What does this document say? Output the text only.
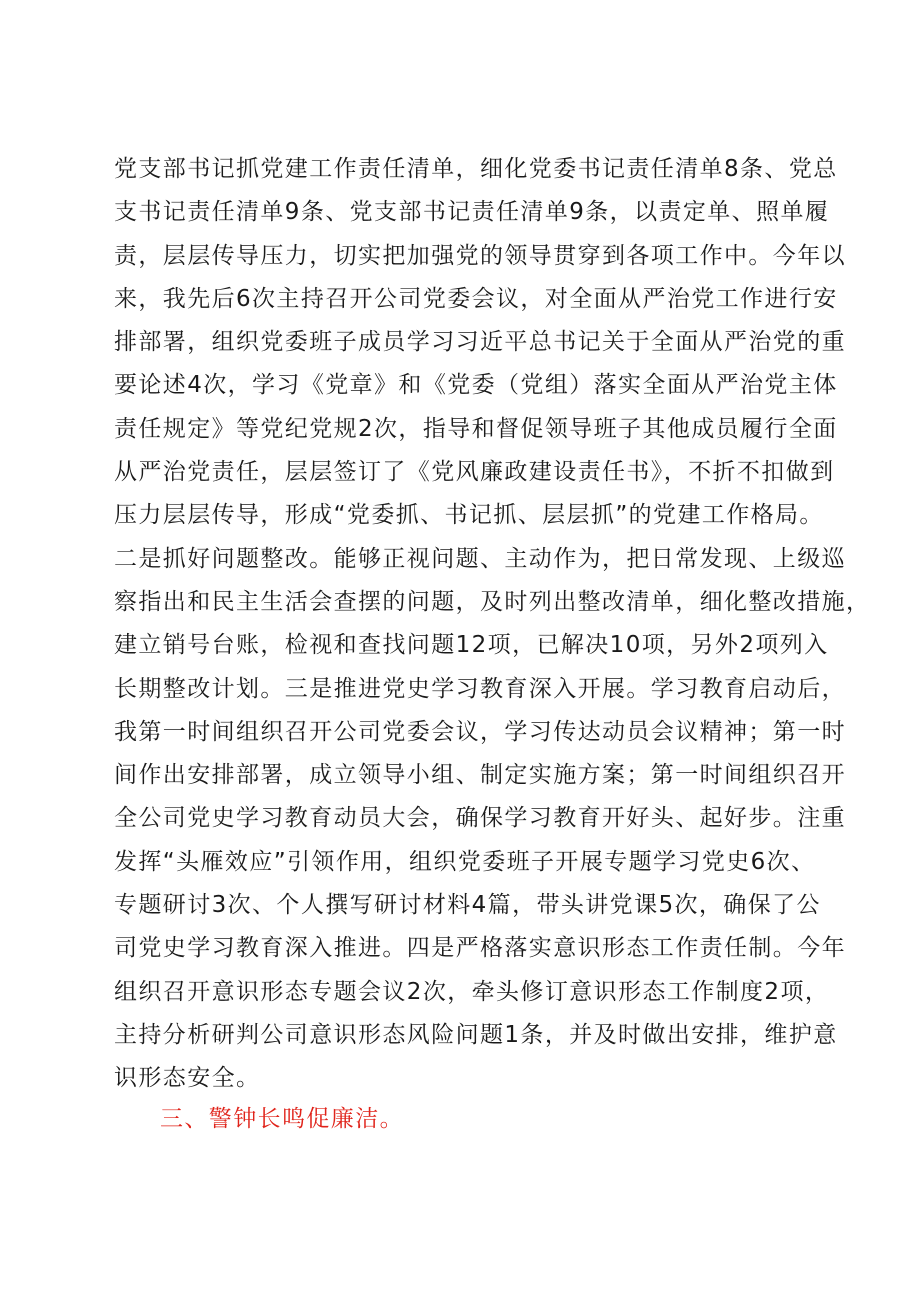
党支部书记抓党建工作责任清单，细化党委书记责任清单8条、党总
支书记责任清单9条、党支部书记责任清单9条，以责定单、照单履
责，层层传导压力，切实把加强党的领导贯穿到各项工作中。今年以
来，我先后6次主持召开公司党委会议，对全面从严治党工作进行安
排部署，组织党委班子成员学习习近平总书记关于全面从严治党的重
要论述4次，学习《党章》和《党委（党组）落实全面从严治党主体
责任规定》等党纪党规2次，指导和督促领导班子其他成员履行全面
从严治党责任，层层签订了《党风廉政建设责任书》，不折不扣做到
压力层层传导，形成“党委抓、书记抓、层层抓”的党建工作格局。
二是抓好问题整改。能够正视问题、主动作为，把日常发现、上级巡
察指出和民主生活会查摆的问题，及时列出整改清单，细化整改措施，
建立销号台账，检视和查找问题12项，已解决10项，另外2项列入
长期整改计划。三是推进党史学习教育深入开展。学习教育启动后，
我第一时间组织召开公司党委会议，学习传达动员会议精神；第一时
间作出安排部署，成立领导小组、制定实施方案；第一时间组织召开
全公司党史学习教育动员大会，确保学习教育开好头、起好步。注重
发挥“头雁效应”引领作用，组织党委班子开展专题学习党史6次、
专题研讨3次、个人撰写研讨材料4篇，带头讲党课5次，确保了公
司党史学习教育深入推进。四是严格落实意识形态工作责任制。今年
组织召开意识形态专题会议2次，牵头修订意识形态工作制度2项，
主持分析研判公司意识形态风险问题1条，并及时做出安排，维护意
识形态安全。
三、警钟长鸣促廉洁。
